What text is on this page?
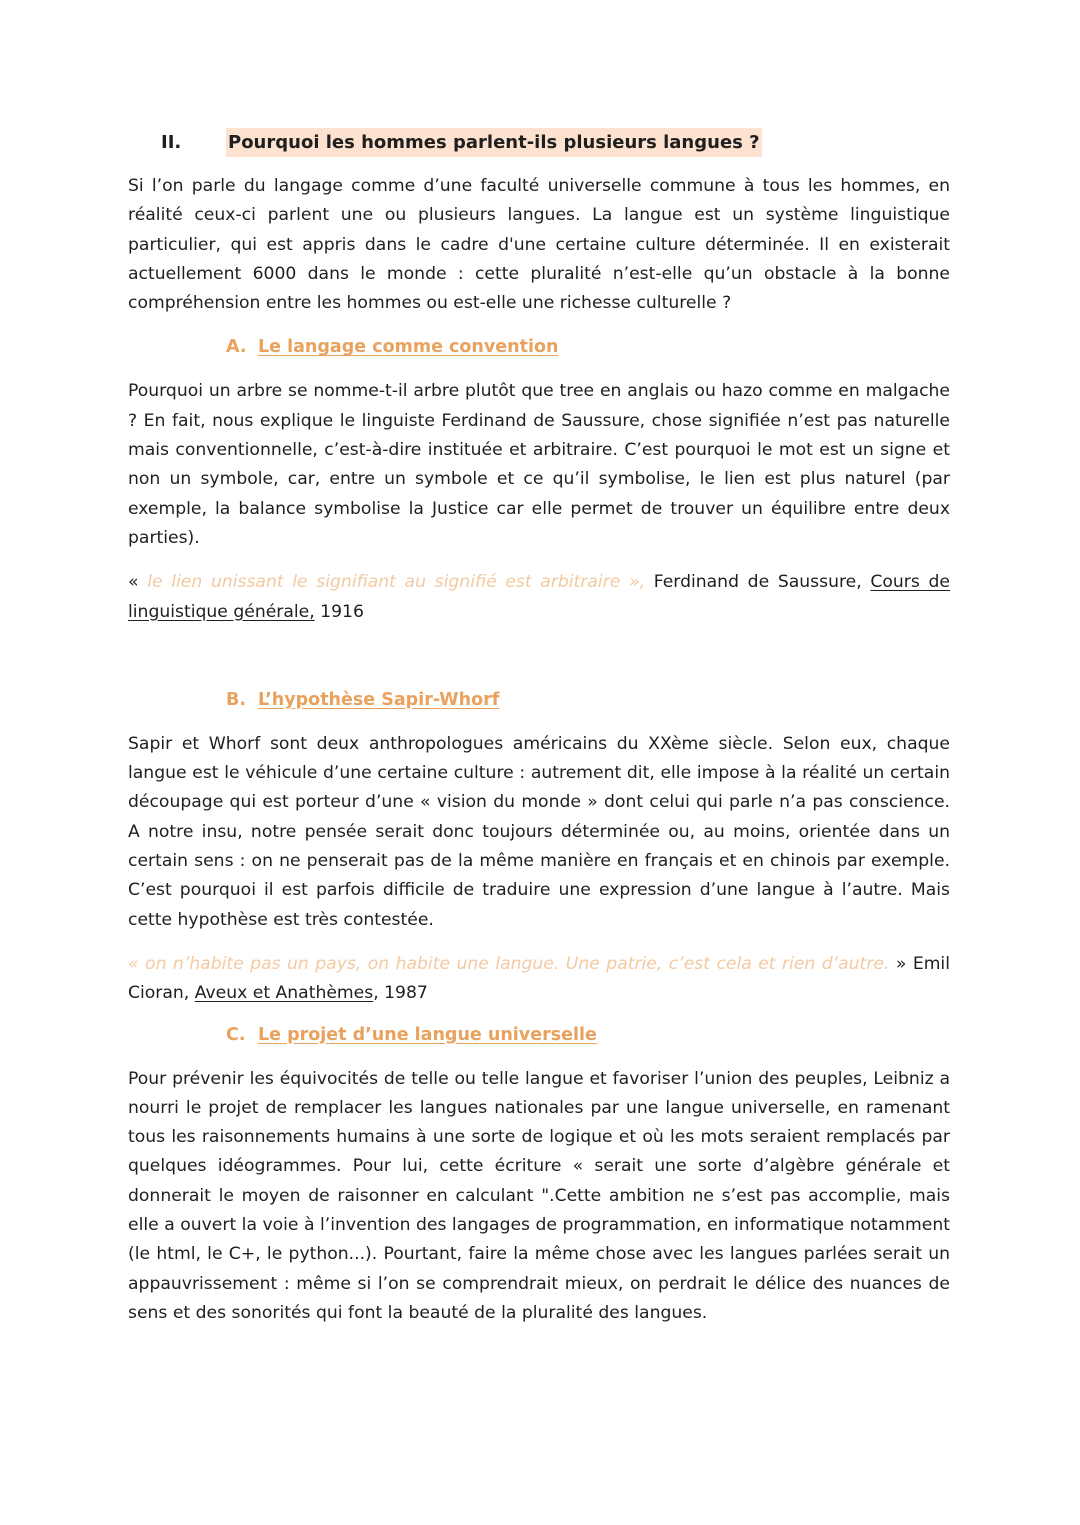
II.	Pourquoi les hommes parlent-ils plusieurs langues ?

Si l’on parle du langage comme d’une faculté universelle commune à tous les hommes, en réalité ceux-ci parlent une ou plusieurs langues. La langue est un système linguistique particulier, qui est appris dans le cadre d'une certaine culture déterminée. Il en existerait actuellement 6000 dans le monde : cette pluralité n’est-elle qu’un obstacle à la bonne compréhension entre les hommes ou est-elle une richesse culturelle ?

A. Le langage comme convention

Pourquoi un arbre se nomme-t-il arbre plutôt que tree en anglais ou hazo comme en malgache ? En fait, nous explique le linguiste Ferdinand de Saussure, chose signifiée n’est pas naturelle mais conventionnelle, c’est-à-dire instituée et arbitraire. C’est pourquoi le mot est un signe et non un symbole, car, entre un symbole et ce qu’il symbolise, le lien est plus naturel (par exemple, la balance symbolise la Justice car elle permet de trouver un équilibre entre deux parties).

« le lien unissant le signifiant au signifié est arbitraire », Ferdinand de Saussure, Cours de linguistique générale, 1916

B. L’hypothèse Sapir-Whorf

Sapir et Whorf sont deux anthropologues américains du XXème siècle. Selon eux, chaque langue est le véhicule d’une certaine culture : autrement dit, elle impose à la réalité un certain découpage qui est porteur d’une « vision du monde » dont celui qui parle n’a pas conscience. A notre insu, notre pensée serait donc toujours déterminée ou, au moins, orientée dans un certain sens : on ne penserait pas de la même manière en français et en chinois par exemple. C’est pourquoi il est parfois difficile de traduire une expression d’une langue à l’autre. Mais cette hypothèse est très contestée.

« on n’habite pas un pays, on habite une langue. Une patrie, c’est cela et rien d’autre. » Emil Cioran, Aveux et Anathèmes, 1987

C. Le projet d’une langue universelle

Pour prévenir les équivocités de telle ou telle langue et favoriser l’union des peuples, Leibniz a nourri le projet de remplacer les langues nationales par une langue universelle, en ramenant tous les raisonnements humains à une sorte de logique et où les mots seraient remplacés par quelques idéogrammes. Pour lui, cette écriture « serait une sorte d’algèbre générale et donnerait le moyen de raisonner en calculant ".Cette ambition ne s’est pas accomplie, mais elle a ouvert la voie à l’invention des langages de programmation, en informatique notamment (le html, le C+, le python...). Pourtant, faire la même chose avec les langues parlées serait un appauvrissement : même si l’on se comprendrait mieux, on perdrait le délice des nuances de sens et des sonorités qui font la beauté de la pluralité des langues.
